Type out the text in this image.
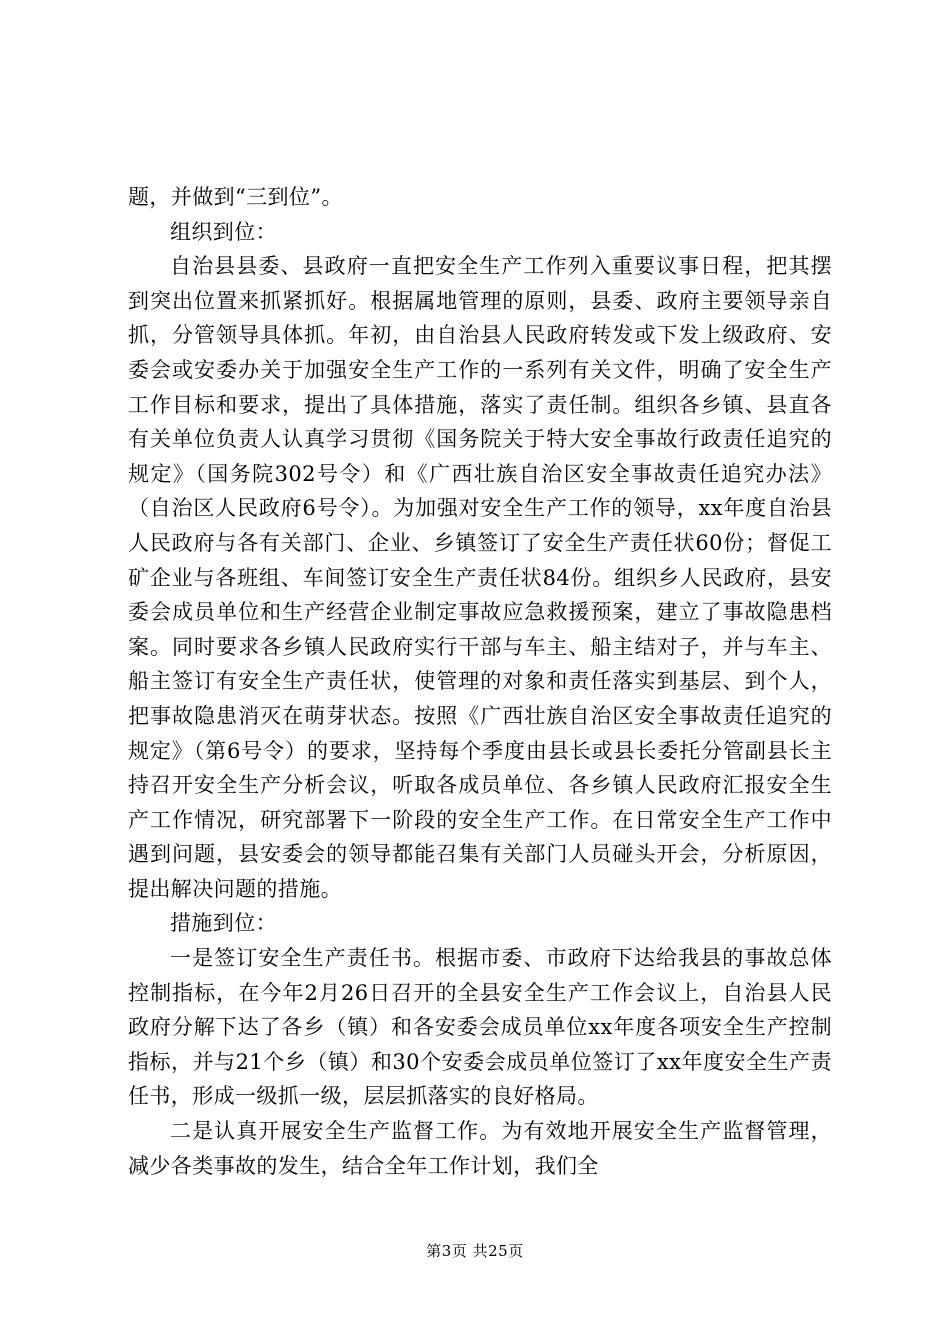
题，并做到“三到位”。

组织到位：

自治县县委、县政府一直把安全生产工作列入重要议事日程，把其摆到突出位置来抓紧抓好。根据属地管理的原则，县委、政府主要领导亲自抓，分管领导具体抓。年初，由自治县人民政府转发或下发上级政府、安委会或安委办关于加强安全生产工作的一系列有关文件，明确了安全生产工作目标和要求，提出了具体措施，落实了责任制。组织各乡镇、县直各有关单位负责人认真学习贯彻《国务院关于特大安全事故行政责任追究的规定》（国务院302号令）和《广西壮族自治区安全事故责任追究办法》（自治区人民政府6号令）。为加强对安全生产工作的领导，xx年度自治县人民政府与各有关部门、企业、乡镇签订了安全生产责任状60份；督促工矿企业与各班组、车间签订安全生产责任状84份。组织乡人民政府，县安委会成员单位和生产经营企业制定事故应急救援预案，建立了事故隐患档案。同时要求各乡镇人民政府实行干部与车主、船主结对子，并与车主、船主签订有安全生产责任状，使管理的对象和责任落实到基层、到个人，把事故隐患消灭在萌芽状态。按照《广西壮族自治区安全事故责任追究的规定》（第6号令）的要求，坚持每个季度由县长或县长委托分管副县长主持召开安全生产分析会议，听取各成员单位、各乡镇人民政府汇报安全生产工作情况，研究部署下一阶段的安全生产工作。在日常安全生产工作中遇到问题，县安委会的领导都能召集有关部门人员碰头开会，分析原因，提出解决问题的措施。

措施到位：

一是签订安全生产责任书。根据市委、市政府下达给我县的事故总体控制指标，在今年2月26日召开的全县安全生产工作会议上，自治县人民政府分解下达了各乡（镇）和各安委会成员单位xx年度各项安全生产控制指标，并与21个乡（镇）和30个安委会成员单位签订了xx年度安全生产责任书，形成一级抓一级，层层抓落实的良好格局。

二是认真开展安全生产监督工作。为有效地开展安全生产监督管理，减少各类事故的发生，结合全年工作计划，我们全

第3页 共25页
